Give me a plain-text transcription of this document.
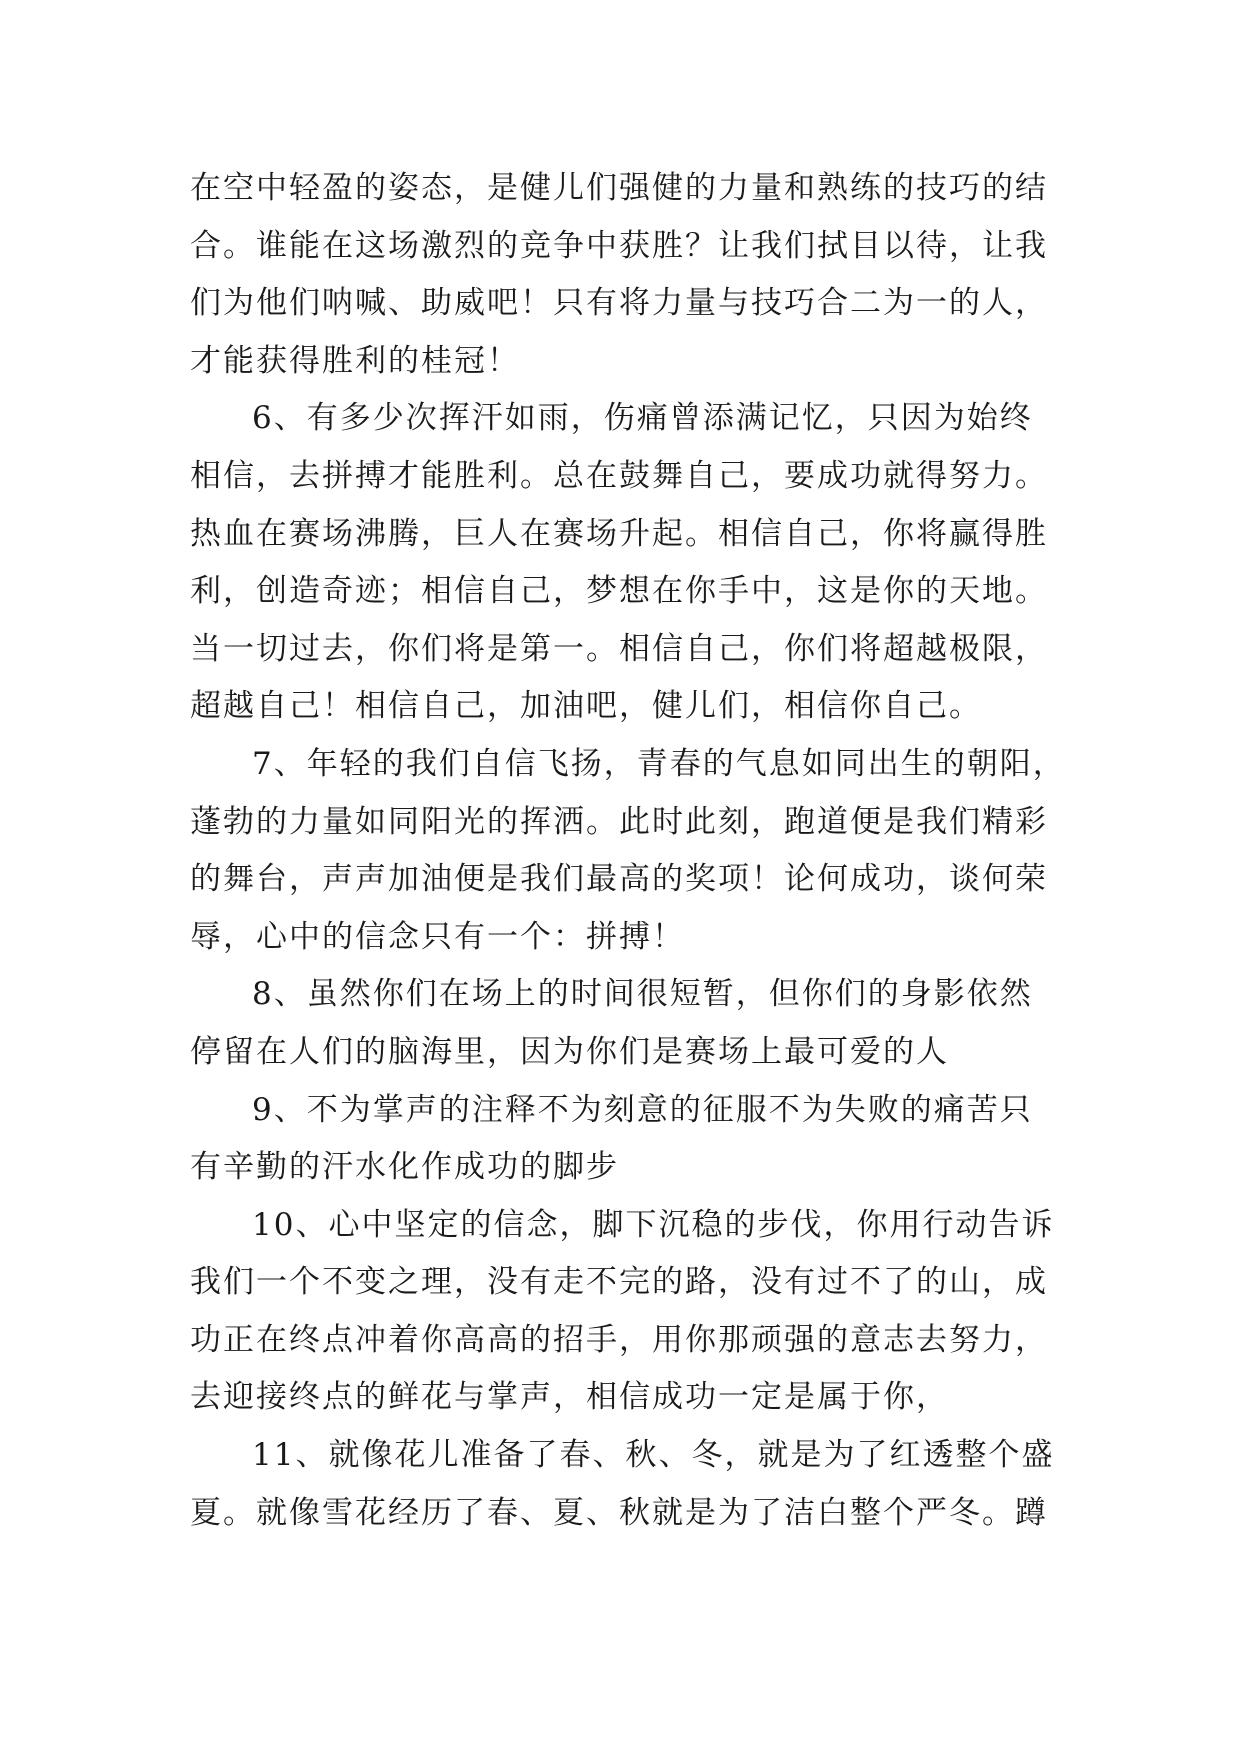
在空中轻盈的姿态，是健儿们强健的力量和熟练的技巧的结
合。谁能在这场激烈的竞争中获胜？让我们拭目以待，让我
们为他们呐喊、助威吧！只有将力量与技巧合二为一的人，
才能获得胜利的桂冠！
6、有多少次挥汗如雨，伤痛曾添满记忆，只因为始终
相信，去拼搏才能胜利。总在鼓舞自己，要成功就得努力。
热血在赛场沸腾，巨人在赛场升起。相信自己，你将赢得胜
利，创造奇迹；相信自己，梦想在你手中，这是你的天地。
当一切过去，你们将是第一。相信自己，你们将超越极限，
超越自己！相信自己，加油吧，健儿们，相信你自己。
7、年轻的我们自信飞扬，青春的气息如同出生的朝阳，
蓬勃的力量如同阳光的挥洒。此时此刻，跑道便是我们精彩
的舞台，声声加油便是我们最高的奖项！论何成功，谈何荣
辱，心中的信念只有一个：拼搏！
8、虽然你们在场上的时间很短暂，但你们的身影依然
停留在人们的脑海里，因为你们是赛场上最可爱的人
9、不为掌声的注释不为刻意的征服不为失败的痛苦只
有辛勤的汗水化作成功的脚步
10、心中坚定的信念，脚下沉稳的步伐，你用行动告诉
我们一个不变之理，没有走不完的路，没有过不了的山，成
功正在终点冲着你高高的招手，用你那顽强的意志去努力，
去迎接终点的鲜花与掌声，相信成功一定是属于你，
11、就像花儿准备了春、秋、冬，就是为了红透整个盛
夏。就像雪花经历了春、夏、秋就是为了洁白整个严冬。蹲
